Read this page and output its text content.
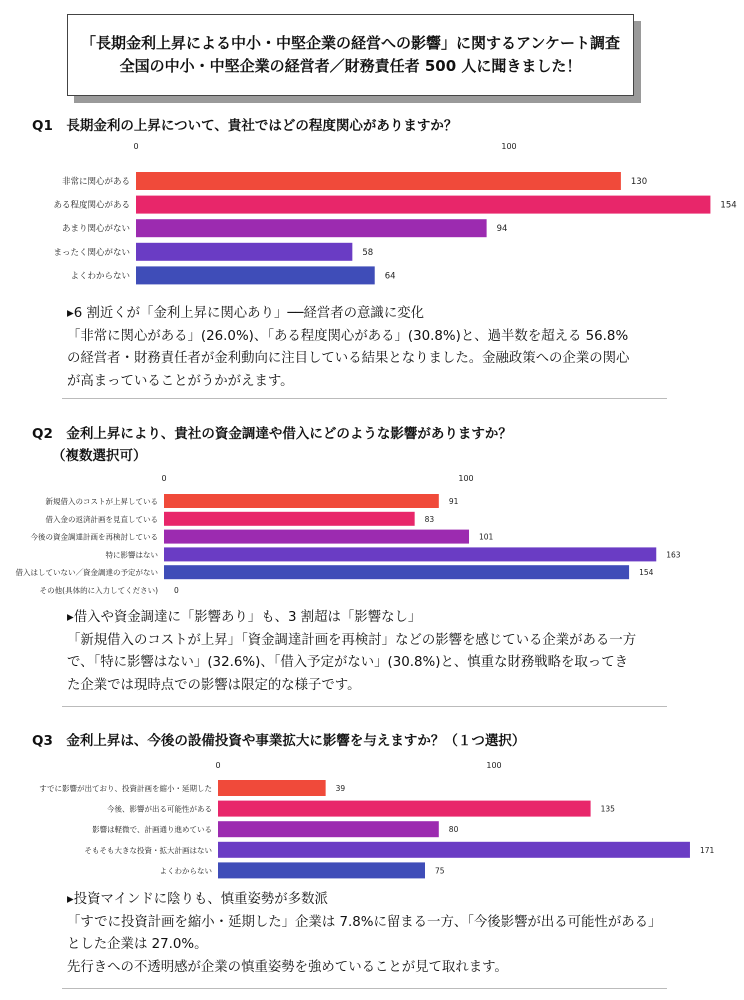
「長期金利上昇による中小・中堅企業の経営への影響」に関するアンケート調査
全国の中小・中堅企業の経営者／財務責任者 500 人に聞きました！
Q1　長期金利の上昇について、貴社ではどの程度関心がありますか？
0	100
非常に関心がある	130
ある程度関心がある	154
あまり関心がない	94
まったく関心がない	58
よくわからない	64

▸6 割近くが「金利上昇に関心あり」──経営者の意識に変化

「非常に関心がある」(26.0%)、「ある程度関心がある」(30.8%)と、過半数を超える 56.8%

の経営者・財務責任者が金利動向に注目している結果となりました。金融政策への企業の関心

が高まっていることがうかがえます。

Q2　金利上昇により、貴社の資金調達や借入にどのような影響がありますか？
（複数選択可）
0	100
新規借入のコストが上昇している	91
借入金の返済計画を見直している	83
今後の資金調達計画を再検討している	101
特に影響はない	163
借入はしていない／資金調達の予定がない	154
その他(具体的に入力してください) 0

▸借入や資金調達に「影響あり」も、3 割超は「影響なし」

「新規借入のコストが上昇」「資金調達計画を再検討」などの影響を感じている企業がある一方

で、「特に影響はない」(32.6%)、「借入予定がない」(30.8%)と、慎重な財務戦略を取ってき

た企業では現時点での影響は限定的な様子です。

Q3　金利上昇は、今後の設備投資や事業拡大に影響を与えますか？（１つ選択）
0	100
すでに影響が出ており、投資計画を縮小・延期した	39
今後、影響が出る可能性がある	135
影響は軽微で、計画通り進めている	80
そもそも大きな投資・拡大計画はない	171
よくわからない	75

▸投資マインドに陰りも、慎重姿勢が多数派

「すでに投資計画を縮小・延期した」企業は 7.8%に留まる一方、「今後影響が出る可能性がある」

とした企業は 27.0%。

先行きへの不透明感が企業の慎重姿勢を強めていることが見て取れます。
